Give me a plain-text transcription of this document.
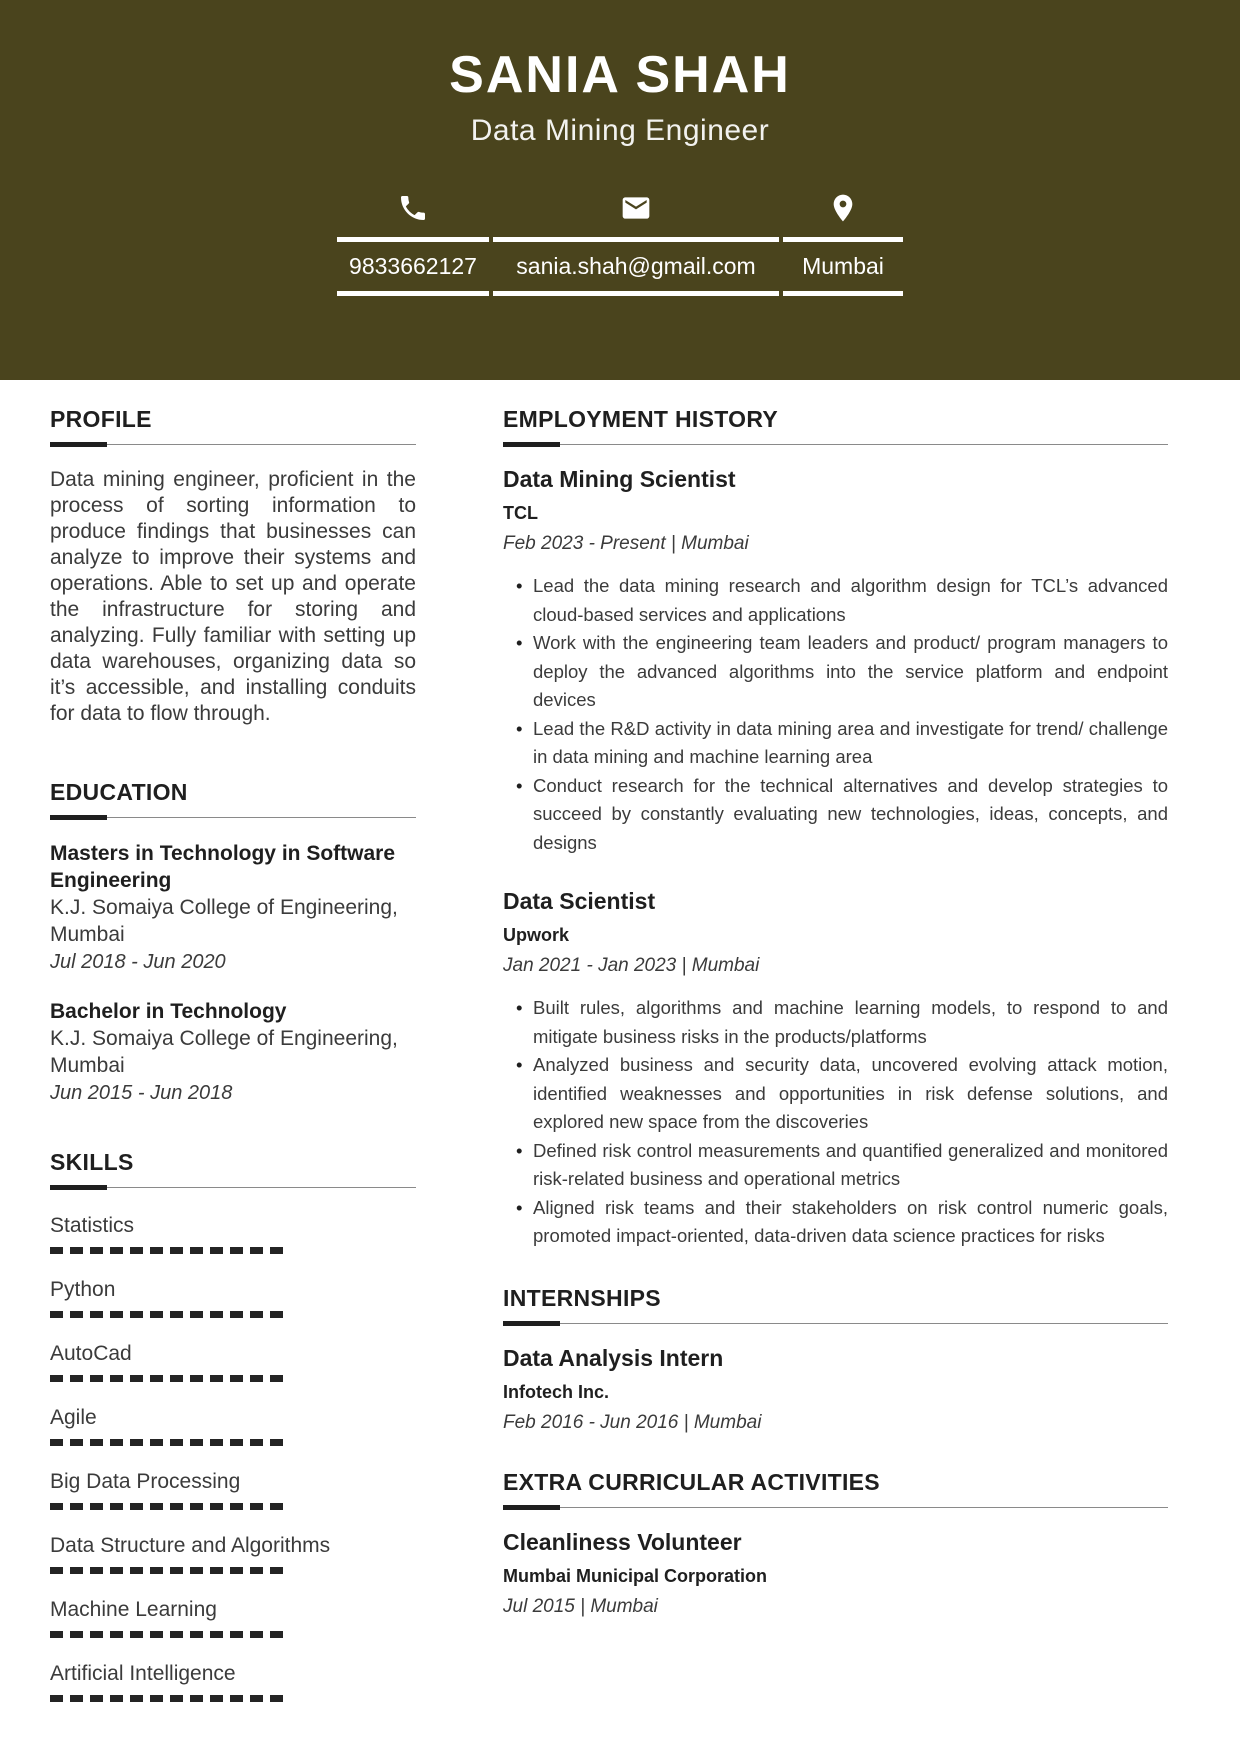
SANIA SHAH
Data Mining Engineer
9833662127	sania.shah@gmail.com	Mumbai
PROFILE

Data mining engineer, proficient in the process of sorting information to produce findings that businesses can analyze to improve their systems and operations. Able to set up and operate the infrastructure for storing and analyzing. Fully familiar with setting up data warehouses, organizing data so it’s accessible, and installing conduits for data to flow through.

EDUCATION
Masters in Technology in Software Engineering
K.J. Somaiya College of Engineering, Mumbai
Jul 2018 - Jun 2020
Bachelor in Technology
K.J. Somaiya College of Engineering, Mumbai
Jun 2015 - Jun 2018
SKILLS
Statistics
Python
AutoCad
Agile
Big Data Processing
Data Structure and Algorithms
Machine Learning
Artificial Intelligence
EMPLOYMENT HISTORY
Data Mining Scientist
TCL
Feb 2023 - Present | Mumbai
• Lead the data mining research and algorithm design for TCL’s advanced cloud-based services and applications
• Work with the engineering team leaders and product/ program managers to deploy the advanced algorithms into the service platform and endpoint devices
• Lead the R&D activity in data mining area and investigate for trend/ challenge in data mining and machine learning area
• Conduct research for the technical alternatives and develop strategies to succeed by constantly evaluating new technologies, ideas, concepts, and designs
Data Scientist
Upwork
Jan 2021 - Jan 2023 | Mumbai
• Built rules, algorithms and machine learning models, to respond to and mitigate business risks in the products/platforms
• Analyzed business and security data, uncovered evolving attack motion, identified weaknesses and opportunities in risk defense solutions, and explored new space from the discoveries
• Defined risk control measurements and quantified generalized and monitored risk-related business and operational metrics
• Aligned risk teams and their stakeholders on risk control numeric goals, promoted impact-oriented, data-driven data science practices for risks
INTERNSHIPS
Data Analysis Intern
Infotech Inc.
Feb 2016 - Jun 2016 | Mumbai
EXTRA CURRICULAR ACTIVITIES
Cleanliness Volunteer
Mumbai Municipal Corporation
Jul 2015 | Mumbai
